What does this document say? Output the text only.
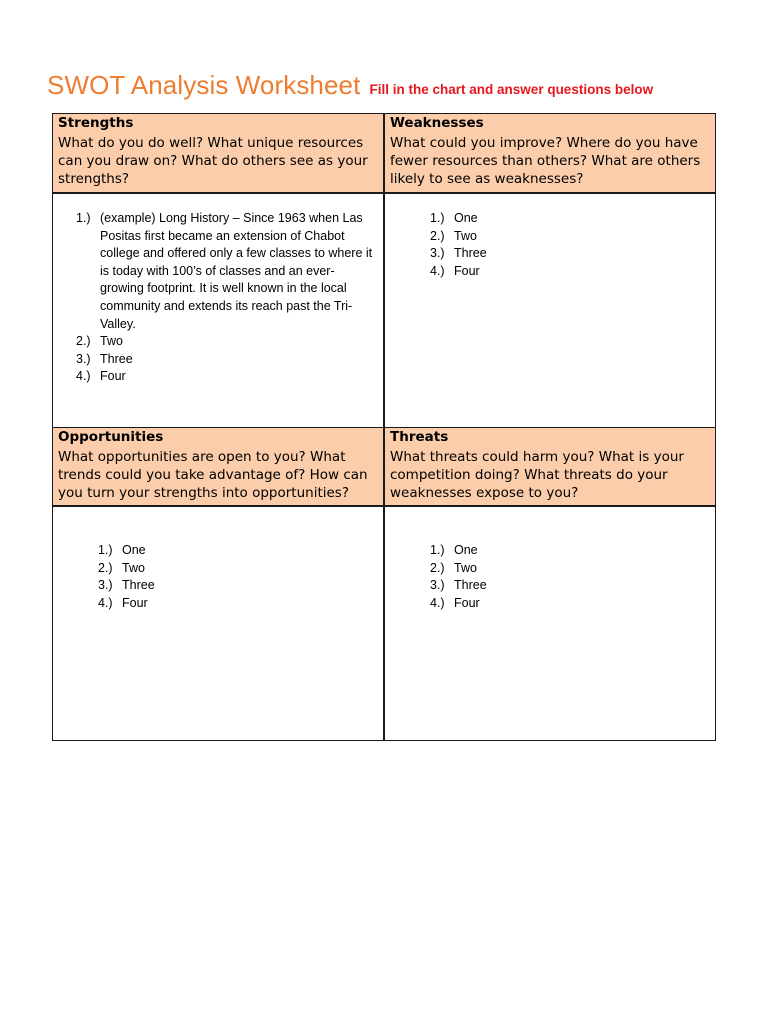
SWOT Analysis Worksheet Fill in the chart and answer questions below
Strengths
What do you do well? What unique resources can you draw on? What do others see as your strengths?
1.) (example) Long History – Since 1963 when Las Positas first became an extension of Chabot college and offered only a few classes to where it is today with 100’s of classes and an ever-growing footprint. It is well known in the local community and extends its reach past the Tri-Valley.
2.) Two
3.) Three
4.) Four
Weaknesses
What could you improve? Where do you have fewer resources than others? What are others likely to see as weaknesses?
1.) One
2.) Two
3.) Three
4.) Four
Opportunities
What opportunities are open to you? What trends could you take advantage of? How can you turn your strengths into opportunities?
1.) One
2.) Two
3.) Three
4.) Four
Threats
What threats could harm you? What is your competition doing? What threats do your weaknesses expose to you?
1.) One
2.) Two
3.) Three
4.) Four
